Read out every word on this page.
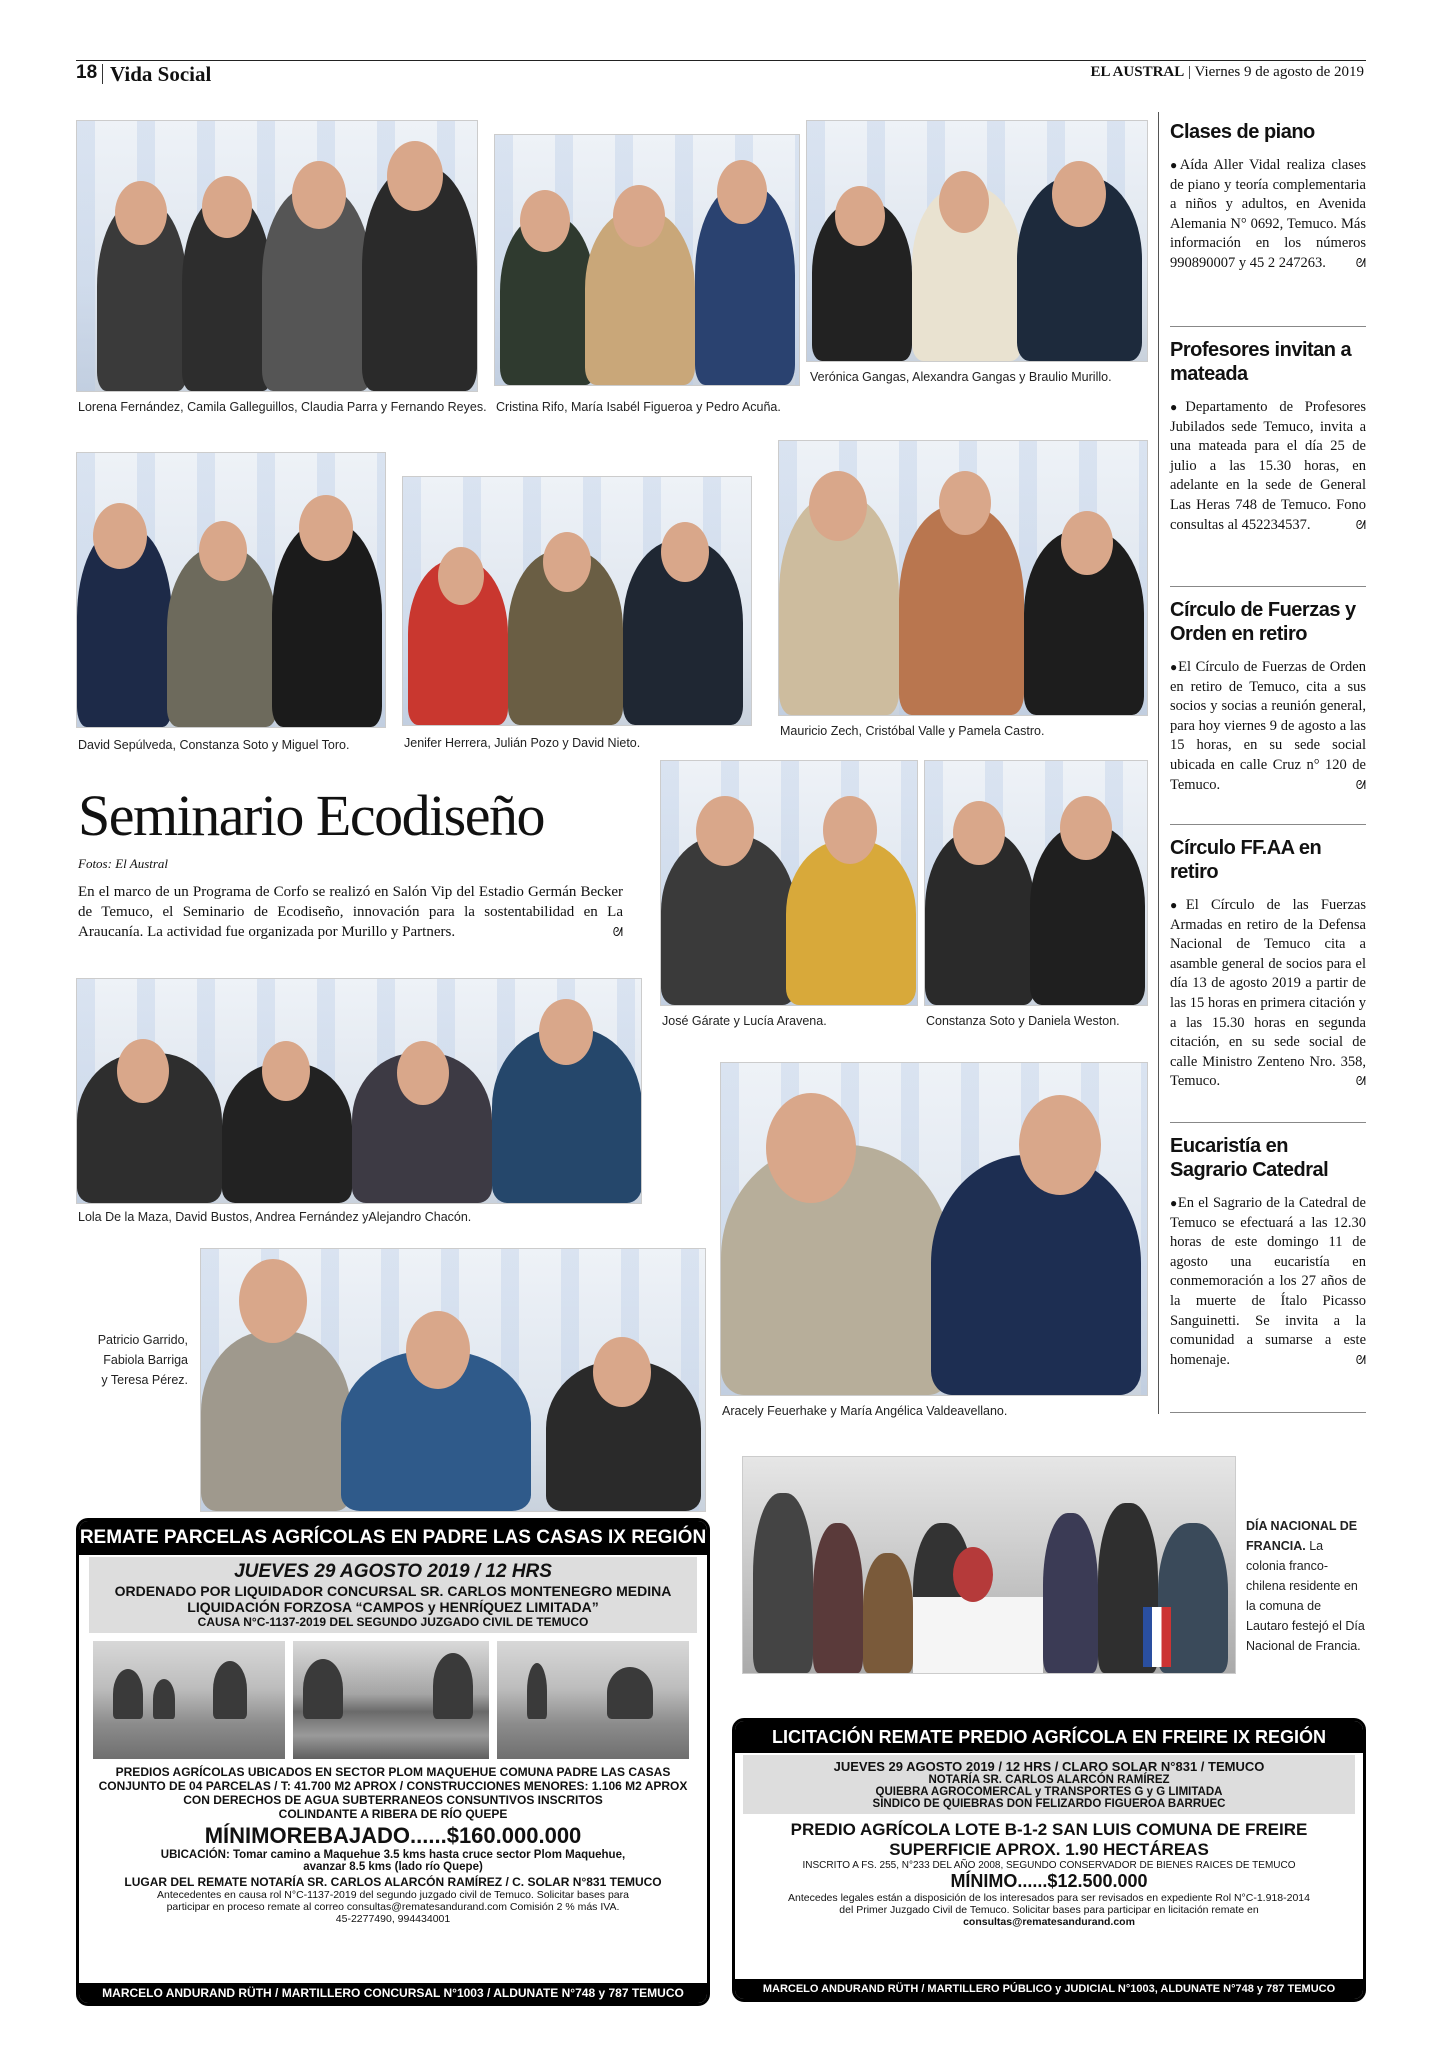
18 Vida Social	EL AUSTRAL | Viernes 9 de agosto de 2019
Lorena Fernández, Camila Galleguillos, Claudia Parra y Fernando Reyes. Cristina Rifo, María Isabél Figueroa y Pedro Acuña.
Verónica Gangas, Alexandra Gangas y Braulio Murillo.
David Sepúlveda, Constanza Soto y Miguel Toro.	Jenifer Herrera, Julián Pozo y David Nieto.
Mauricio Zech, Cristóbal Valle y Pamela Castro.
Seminario Ecodiseño
Fotos: El Austral
En el marco de un Programa de Corfo se realizó en Salón Vip del Estadio Germán Becker de Temuco, el Seminario de Ecodiseño, innovación para la sostentabilidad en La Araucanía. La actividad fue organizada por Murillo y Partners.	ᘛ
José Gárate y Lucía Aravena.	Constanza Soto y Daniela Weston.
Lola De la Maza, David Bustos, Andrea Fernández yAlejandro Chacón.
Aracely Feuerhake y María Angélica Valdeavellano.
Patricio Garrido,
Fabiola Barriga
y Teresa Pérez.
DÍA NACIONAL DE FRANCIA. La colonia franco-chilena residente en la comuna de Lautaro festejó el Día Nacional de Francia.
Clases de piano
●Aída Aller Vidal realiza clases de piano y teoría complementaria a niños y adultos, en Avenida Alemania N° 0692, Temuco. Más información en los números 990890007 y 45 2 247263. ᘛ
Profesores invitan a mateada
●Departamento de Profesores Jubilados sede Temuco, invita a una mateada para el día 25 de julio a las 15.30 horas, en adelante en la sede de General Las Heras 748 de Temuco. Fono consultas al 452234537.	ᘛ
Círculo de Fuerzas y Orden en retiro
●El Círculo de Fuerzas de Orden en retiro de Temuco, cita a sus socios y socias a reunión general, para hoy viernes 9 de agosto a las 15 horas, en su sede social ubicada en calle Cruz n° 120 de Temuco.	ᘛ
Círculo FF.AA en retiro
●El Círculo de las Fuerzas Armadas en retiro de la Defensa Nacional de Temuco cita a asamble general de socios para el día 13 de agosto 2019 a partir de las 15 horas en primera citación y a las 15.30 horas en segunda citación, en su sede social de calle Ministro Zenteno Nro. 358, Temuco.	ᘛ
Eucaristía en Sagrario Catedral
●En el Sagrario de la Catedral de Temuco se efectuará a las 12.30 horas de este domingo 11 de agosto una eucaristía en conmemoración a los 27 años de la muerte de Ítalo Picasso Sanguinetti. Se invita a la comunidad a sumarse a este homenaje.	ᘛ
REMATE PARCELAS AGRÍCOLAS EN PADRE LAS CASAS IX REGIÓN
JUEVES 29 AGOSTO 2019 / 12 HRS
ORDENADO POR LIQUIDADOR CONCURSAL SR. CARLOS MONTENEGRO MEDINA
LIQUIDACIÓN FORZOSA “CAMPOS y HENRÍQUEZ LIMITADA”
CAUSA N°C-1137-2019 DEL SEGUNDO JUZGADO CIVIL DE TEMUCO

PREDIOS AGRÍCOLAS UBICADOS EN SECTOR PLOM MAQUEHUE COMUNA PADRE LAS CASAS

CONJUNTO DE 04 PARCELAS / T: 41.700 M2 APROX / CONSTRUCCIONES MENORES: 1.106 M2 APROX

CON DERECHOS DE AGUA SUBTERRANEOS CONSUNTIVOS INSCRITOS

COLINDANTE A RIBERA DE RÍO QUEPE

MÍNIMOREBAJADO......$160.000.000

UBICACIÓN: Tomar camino a Maquehue 3.5 kms hasta cruce sector Plom Maquehue,

avanzar 8.5 kms (lado río Quepe)

LUGAR DEL REMATE NOTARÍA SR. CARLOS ALARCÓN RAMÍREZ / C. SOLAR N°831 TEMUCO

Antecedentes en causa rol N°C-1137-2019 del segundo juzgado civil de Temuco. Solicitar bases para

participar en proceso remate al correo consultas@rematesandurand.com Comisión 2 % más IVA.

45-2277490, 994434001

MARCELO ANDURAND RÜTH / MARTILLERO CONCURSAL N°1003 / ALDUNATE N°748 y 787 TEMUCO
LICITACIÓN REMATE PREDIO AGRÍCOLA EN FREIRE IX REGIÓN
JUEVES 29 AGOSTO 2019 / 12 HRS / CLARO SOLAR N°831 / TEMUCO
NOTARÍA SR. CARLOS ALARCÓN RAMÍREZ
QUIEBRA AGROCOMERCAL y TRANSPORTES G y G LIMITADA
SINDICO DE QUIEBRAS DON FELIZARDO FIGUEROA BARRUEC

PREDIO AGRÍCOLA LOTE B-1-2 SAN LUIS COMUNA DE FREIRE

SUPERFICIE APROX. 1.90 HECTÁREAS

INSCRITO A FS. 255, N°233 DEL AÑO 2008, SEGUNDO CONSERVADOR DE BIENES RAICES DE TEMUCO

MÍNIMO......$12.500.000

Antecedes legales están a disposición de los interesados para ser revisados en expediente Rol N°C-1.918-2014

del Primer Juzgado Civil de Temuco. Solicitar bases para participar en licitación remate en

consultas@rematesandurand.com

MARCELO ANDURAND RÜTH / MARTILLERO PÚBLICO y JUDICIAL N°1003, ALDUNATE N°748 y 787 TEMUCO
